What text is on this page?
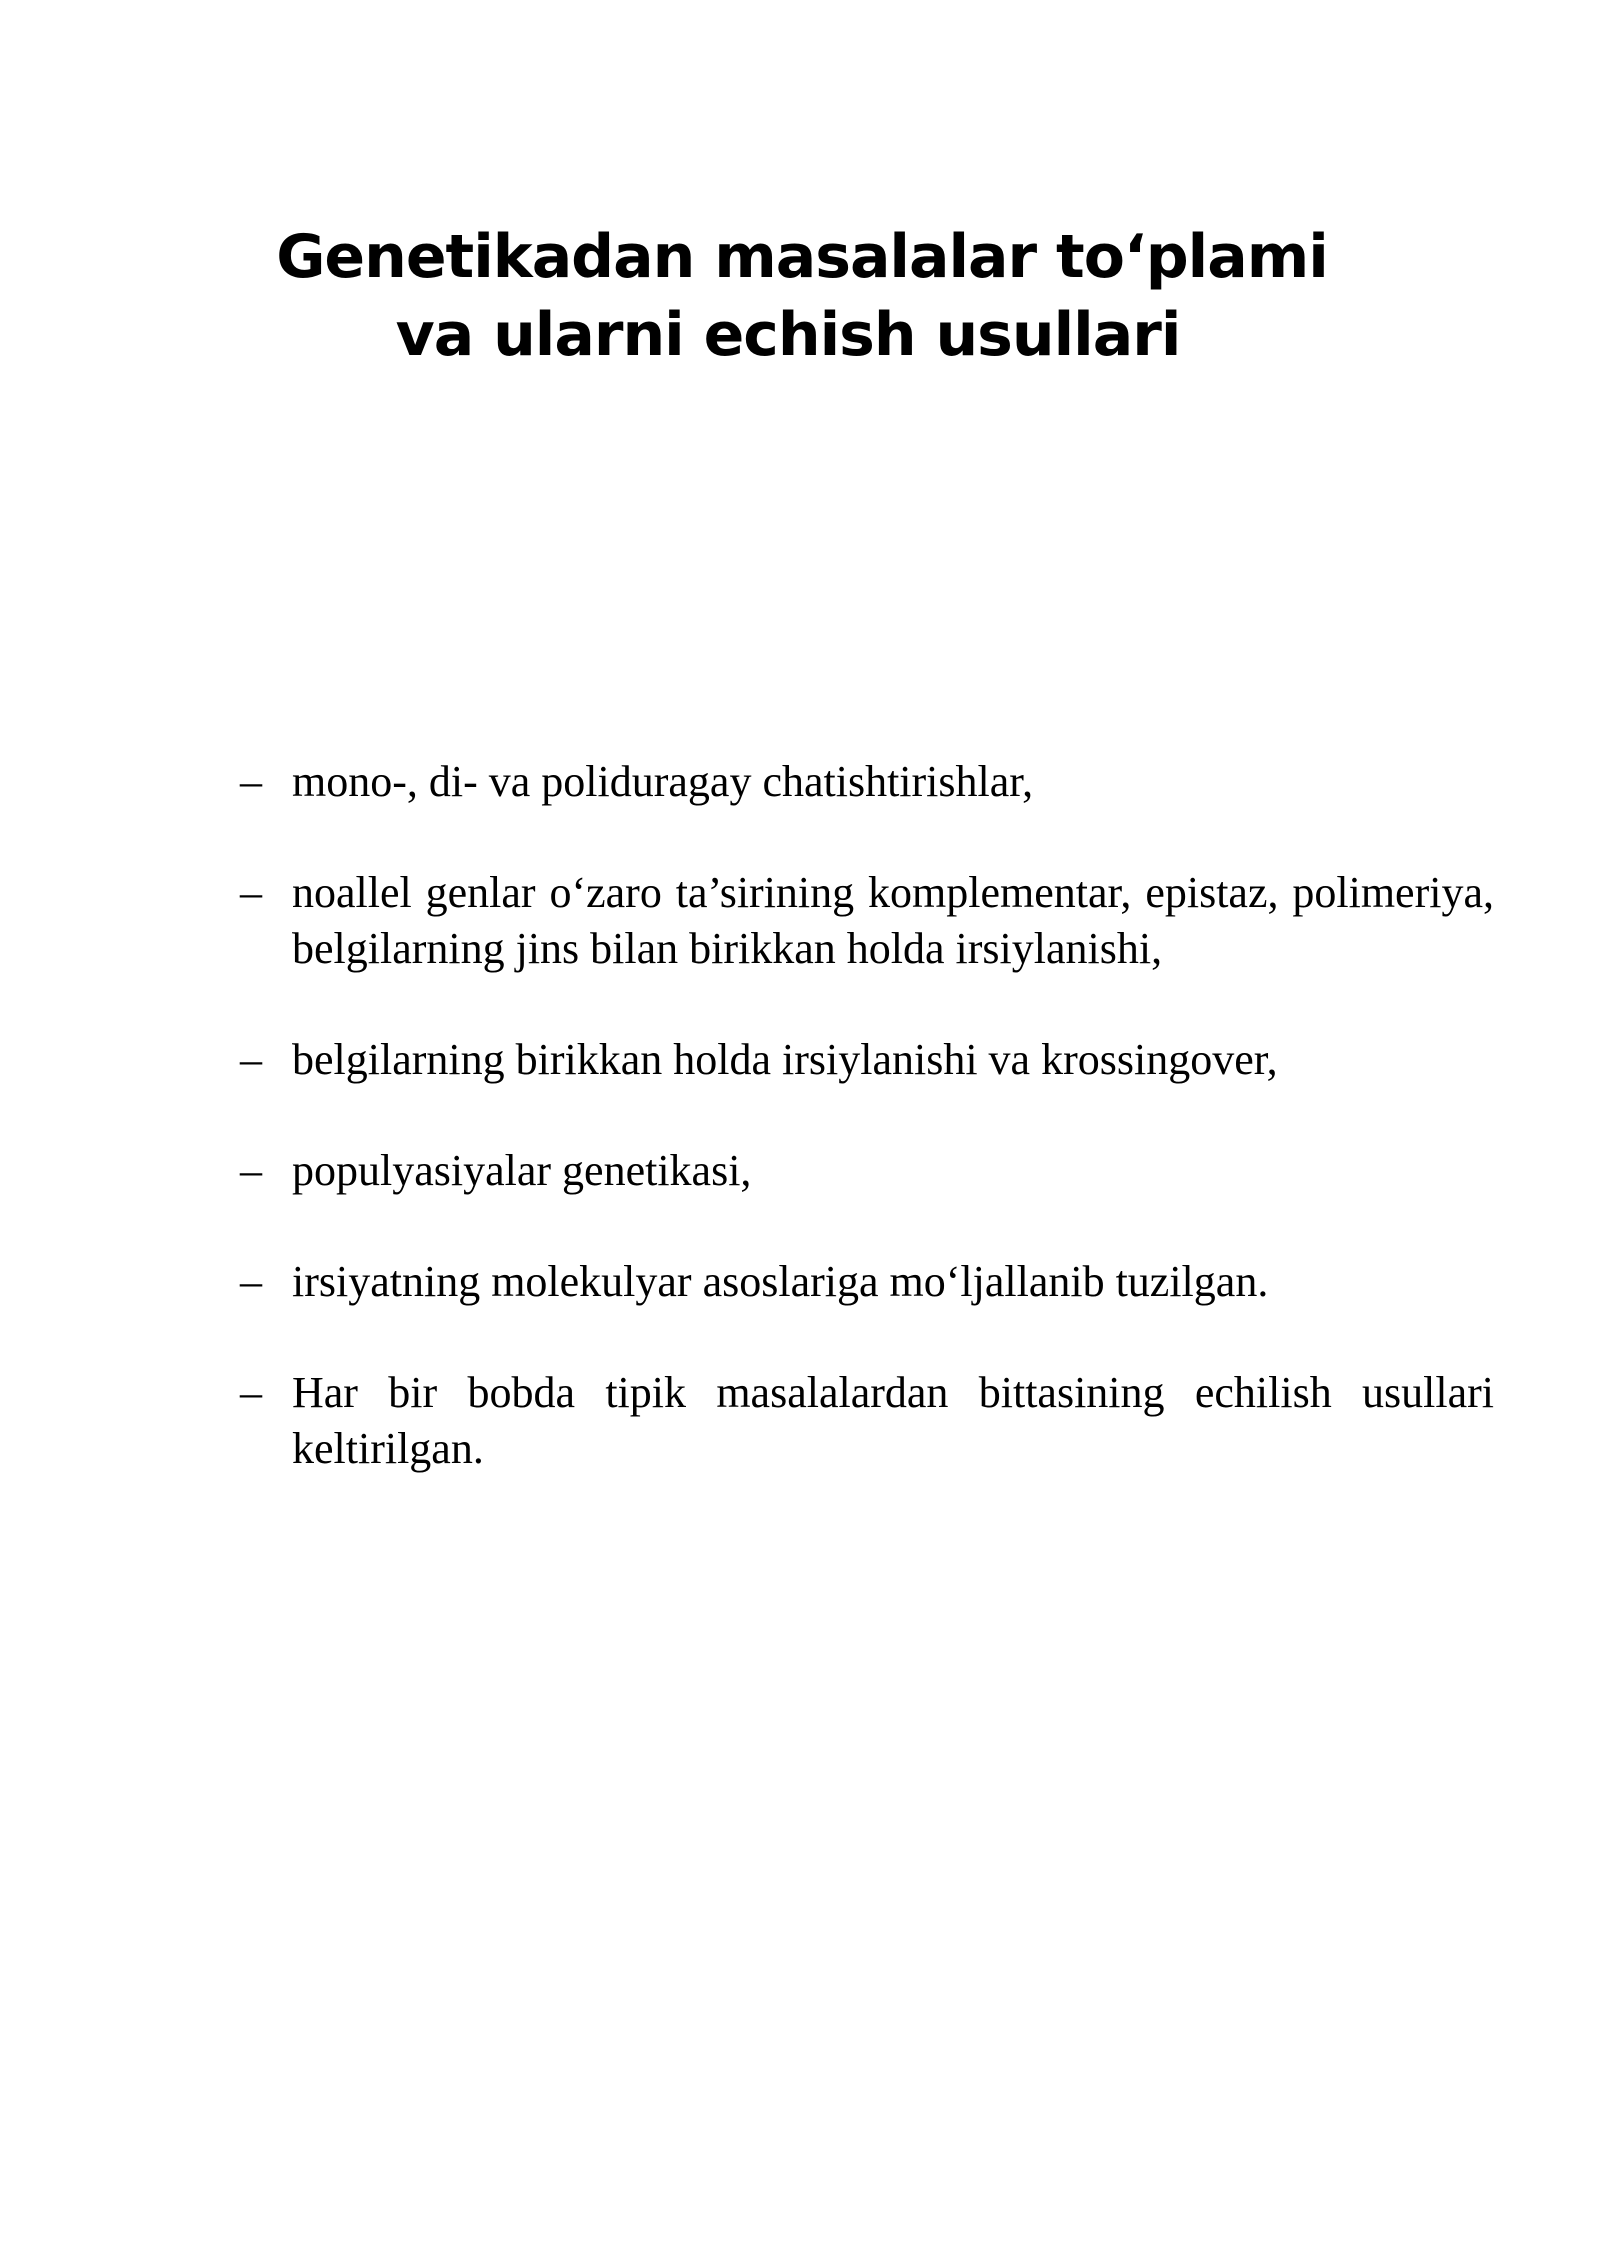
Genetikadan masalalar to‘plami
va ularni echish usullari
– mono-, di- va poliduragay chatishtirishlar,
– noallel genlar o‘zaro ta’sirining komplementar, epistaz, polimeriya, belgilarning jins bilan birikkan holda irsiylanishi,
– belgilarning birikkan holda irsiylanishi va krossingover,
– populyasiyalar genetikasi,
– irsiyatning molekulyar asoslariga mo‘ljallanib tuzilgan.
– Har bir bobda tipik masalalardan bittasining echilish usullari keltirilgan.
